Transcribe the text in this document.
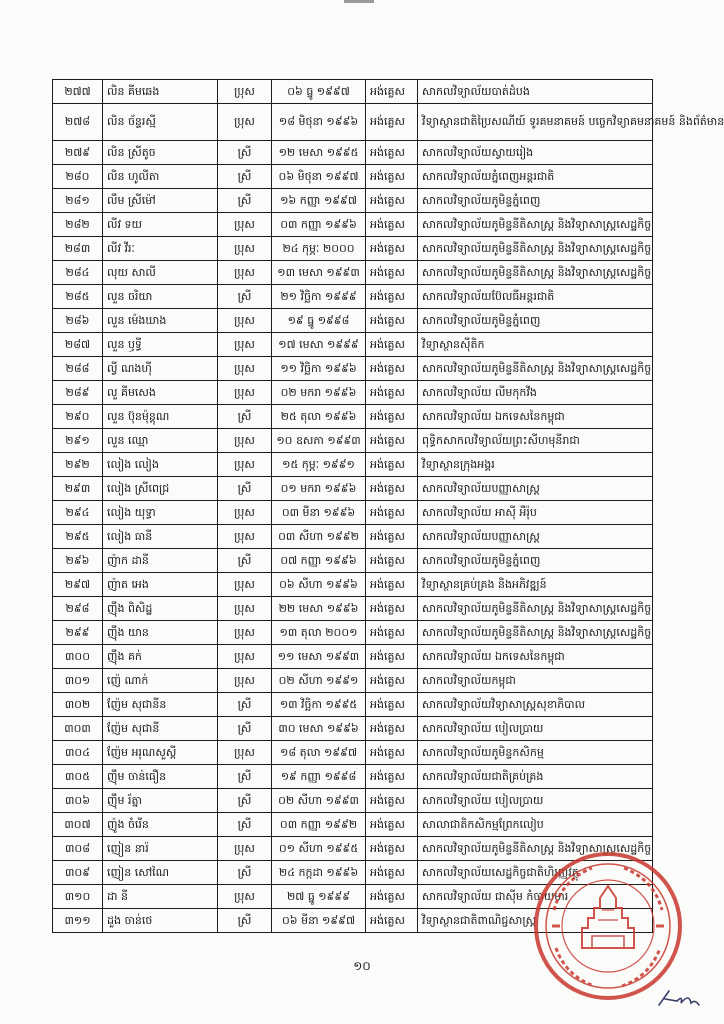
២៧៧	លិន គីមឆេង	ប្រុស	០៦ ធ្នូ ១៩៩៧	អង់គ្លេស	សាកលវិទ្យាល័យបាត់ដំបង
២៧៨	លិន ច័ន្ទរស្មី	ប្រុស	១៨ មិថុនា ១៩៩៦	អង់គ្លេស	វិទ្យាស្ថានជាតិប្រៃសណីយ៍ ទូរគមនាគមន៍ បច្ចេកវិទ្យាគមនាគមន៍ និងព័ត៌មាន
២៧៩	លិន ស្រីតូច	ស្រី	១២ មេសា ១៩៩៥	អង់គ្លេស	សាកលវិទ្យាល័យស្វាយរៀង
២៨០	លិន ហូលីតា	ស្រី	០៦ មិថុនា ១៩៩៧	អង់គ្លេស	សាកលវិទ្យាល័យភ្នំពេញអន្តរជាតិ
២៨១	លឹម ស្រីម៉ៅ	ស្រី	១៦ កញ្ញា ១៩៩៧	អង់គ្លេស	សាកលវិទ្យាល័យភូមិន្ទភ្នំពេញ
២៨២	លីវ ទយ	ប្រុស	០៣ កញ្ញា ១៩៩៦	អង់គ្លេស	សាកលវិទ្យាល័យភូមិន្ទនីតិសាស្ត្រ និងវិទ្យាសាស្ត្រសេដ្ឋកិច្ច
២៨៣	លីវ វីរៈ	ប្រុស	២៤ កុម្ភៈ ២០០០	អង់គ្លេស	សាកលវិទ្យាល័យភូមិន្ទនីតិសាស្ត្រ និងវិទ្យាសាស្ត្រសេដ្ឋកិច្ច
២៨៤	លុយ សាលី	ប្រុស	១៣ មេសា ១៩៩៣	អង់គ្លេស	សាកលវិទ្យាល័យភូមិន្ទនីតិសាស្ត្រ និងវិទ្យាសាស្ត្រសេដ្ឋកិច្ច
២៨៥	លួន ចរិយា	ស្រី	២១ វិច្ឆិកា ១៩៩៩	អង់គ្លេស	សាកលវិទ្យាល័យប៊ែលធីអន្តរជាតិ
២៨៦	លួន ម៉េងឃាង	ប្រុស	១៩ ធ្នូ ១៩៩៨	អង់គ្លេស	សាកលវិទ្យាល័យភូមិន្ទភ្នំពេញ
២៨៧	លួន ឫទ្ធី	ប្រុស	១៧ មេសា ១៩៩៩	អង់គ្លេស	វិទ្យាស្ថានស៊ីតិក
២៨៨	ល្វី ណងហ៊ី	ប្រុស	១១ វិច្ឆិកា ១៩៩៦	អង់គ្លេស	សាកលវិទ្យាល័យភូមិន្ទនីតិសាស្ត្រ និងវិទ្យាសាស្ត្រសេដ្ឋកិច្ច
២៨៩	លួ គីមសេង	ប្រុស	០២ មករា ១៩៩៦	អង់គ្លេស	សាកលវិទ្យាល័យ លីមកុកវីង
២៩០	លួន ប៊ុនម៉ុន្តុណ	ស្រី	២៥ តុលា ១៩៩៦	អង់គ្លេស	សាកលវិទ្យាល័យ ឯកទេសនៃកម្ពុជា
២៩១	លួន ឈ្មោ	ប្រុស	១០ ឧសភា ១៩៩៣	អង់គ្លេស	ពុទ្ធិកសាកលវិទ្យាល័យព្រះសីហមុនីរាជា
២៩២	លៀង លៀង	ប្រុស	១៥ កុម្ភៈ ១៩៩១	អង់គ្លេស	វិទ្យាស្ថានក្រុងអង្គរ
២៩៣	លៀង ស្រីពេជ្រ	ស្រី	០១ មករា ១៩៩៦	អង់គ្លេស	សាកលវិទ្យាល័យបញ្ញាសាស្ត្រ
២៩៤	លៀង យុទ្ធា	ប្រុស	០៣ មីនា ១៩៩៦	អង់គ្លេស	សាកលវិទ្យាល័យ អាស៊ី អឺរ៉ុប
២៩៥	លៀង ធានី	ប្រុស	០៣ សីហា ១៩៩២	អង់គ្លេស	សាកលវិទ្យាល័យបញ្ញាសាស្ត្រ
២៩៦	ញ៉ាក ដានី	ស្រី	០៧ កញ្ញា ១៩៩៦	អង់គ្លេស	សាកលវិទ្យាល័យភូមិន្ទភ្នំពេញ
២៩៧	ញ៉ាត អេង	ប្រុស	០៦ សីហា ១៩៩៦	អង់គ្លេស	វិទ្យាស្ថានគ្រប់គ្រង និងអភិវឌ្ឍន៍
២៩៨	ញ៉ឹង ពិសិដ្ឋ	ប្រុស	២២ មេសា ១៩៩៦	អង់គ្លេស	សាកលវិទ្យាល័យភូមិន្ទនីតិសាស្ត្រ និងវិទ្យាសាស្ត្រសេដ្ឋកិច្ច
២៩៩	ញ៉ឹង យាន	ប្រុស	១៣ តុលា ២០០១	អង់គ្លេស	សាកលវិទ្យាល័យភូមិន្ទនីតិសាស្ត្រ និងវិទ្យាសាស្ត្រសេដ្ឋកិច្ច
៣០០	ញ៉ឹង គក់	ប្រុស	១១ មេសា ១៩៩៣	អង់គ្លេស	សាកលវិទ្យាល័យ ឯកទេសនៃកម្ពុជា
៣០១	ញ៉េ ណាក់	ប្រុស	០២ សីហា ១៩៩១	អង់គ្លេស	សាកលវិទ្យាល័យកម្ពុជា
៣០២	ញ៉ែម សុជានីន	ស្រី	១៣ វិច្ឆិកា ១៩៩៥	អង់គ្លេស	សាកលវិទ្យាល័យវិទ្យាសាស្ត្រសុខាភិបាល
៣០៣	ញ៉ែម សុជានី	ស្រី	៣០ មេសា ១៩៩៦	អង់គ្លេស	សាកលវិទ្យាល័យ បៀលប្រាយ
៣០៤	ញ៉ែម អរុណសួស្តី	ប្រុស	១៨ តុលា ១៩៩៧	អង់គ្លេស	សាកលវិទ្យាល័យភូមិន្ទកសិកម្ម
៣០៥	ញ៉ឹម ចាន់ធឿន	ស្រី	១៩ កញ្ញា ១៩៩៨	អង់គ្លេស	សាកលវិទ្យាល័យជាតិគ្រប់គ្រង
៣០៦	ញ៉ឹម រ័ត្នា	ស្រី	០២ សីហា ១៩៩៣	អង់គ្លេស	សាកលវិទ្យាល័យ បៀលប្រាយ
៣០៧	ញ៉ូង ចំរើន	ស្រី	០៣ កញ្ញា ១៩៩២	អង់គ្លេស	សាលាជាតិកសិកម្មព្រែកលៀប
៣០៨	ញៀន នារ៉	ប្រុស	០១ សីហា ១៩៩៥	អង់គ្លេស	សាកលវិទ្យាល័យភូមិន្ទនីតិសាស្ត្រ និងវិទ្យាសាស្ត្រសេដ្ឋកិច្ច
៣០៩	ញៀន សៅណៃ	ស្រី	២៤ កក្កដា ១៩៩៦	អង់គ្លេស	សាកលវិទ្យាល័យសេដ្ឋកិច្ចជាតិហិរញ្ញវត្ថុ
៣១០	ដា នី	ប្រុស	២៧ ធ្នូ ១៩៩៩	អង់គ្លេស	សាកលវិទ្យាល័យ ជាស៊ីម កំចាយមារ
៣១១	ដួង ចាន់ថេ	ស្រី	០៦ មីនា ១៩៩៧	អង់គ្លេស	វិទ្យាស្ថានជាតិពាណិជ្ជសាស្ត្រ
១០
